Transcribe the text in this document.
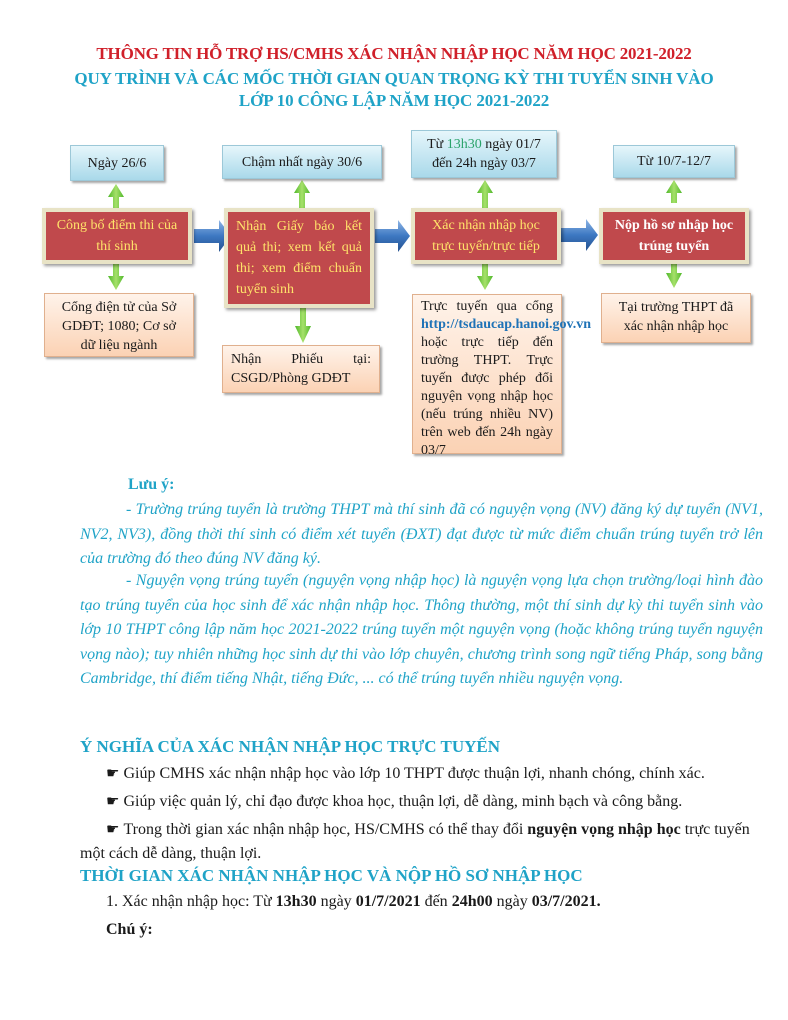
THÔNG TIN HỖ TRỢ HS/CMHS XÁC NHẬN NHẬP HỌC NĂM HỌC 2021-2022
QUY TRÌNH VÀ CÁC MỐC THỜI GIAN QUAN TRỌNG KỲ THI TUYỂN SINH VÀO
LỚP 10 CÔNG LẬP NĂM HỌC 2021-2022
Ngày 26/6
Công bố điểm thi của thí sinh
Cổng điện tử của Sở GDĐT; 1080; Cơ sở dữ liệu ngành
Chậm nhất ngày 30/6
Nhận Giấy báo kết quả thi; xem kết quả thi; xem điểm chuẩn tuyển sinh
Nhận Phiếu tại: CSGD/Phòng GDĐT
Từ 13h30 ngày 01/7
đến 24h ngày 03/7
Xác nhận nhập học trực tuyến/trực tiếp
Trực tuyến qua cổng http://tsdaucap.hanoi.gov.vn hoặc trực tiếp đến trường THPT. Trực tuyến được phép đổi nguyện vọng nhập học (nếu trúng nhiều NV) trên web đến 24h ngày 03/7
Từ 10/7-12/7
Nộp hồ sơ nhập học trúng tuyển
Tại trường THPT đã xác nhận nhập học
Lưu ý:
- Trường trúng tuyển là trường THPT mà thí sinh đã có nguyện vọng (NV) đăng ký dự tuyển (NV1, NV2, NV3), đồng thời thí sinh có điểm xét tuyển (ĐXT) đạt được từ mức điểm chuẩn trúng tuyển trở lên của trường đó theo đúng NV đăng ký.
- Nguyện vọng trúng tuyển (nguyện vọng nhập học) là nguyện vọng lựa chọn trường/loại hình đào tạo trúng tuyển của học sinh để xác nhận nhập học. Thông thường, một thí sinh dự kỳ thi tuyển sinh vào lớp 10 THPT công lập năm học 2021-2022 trúng tuyển một nguyện vọng (hoặc không trúng tuyển nguyện vọng nào); tuy nhiên những học sinh dự thi vào lớp chuyên, chương trình song ngữ tiếng Pháp, song bằng Cambridge, thí điểm tiếng Nhật, tiếng Đức, ... có thể trúng tuyển nhiều nguyện vọng.
Ý NGHĨA CỦA XÁC NHẬN NHẬP HỌC TRỰC TUYẾN
☛ Giúp CMHS xác nhận nhập học vào lớp 10 THPT được thuận lợi, nhanh chóng, chính xác.
☛ Giúp việc quản lý, chỉ đạo được khoa học, thuận lợi, dễ dàng, minh bạch và công bằng.
☛ Trong thời gian xác nhận nhập học, HS/CMHS có thể thay đổi nguyện vọng nhập học trực tuyến một cách dễ dàng, thuận lợi.
THỜI GIAN XÁC NHẬN NHẬP HỌC VÀ NỘP HỒ SƠ NHẬP HỌC
1. Xác nhận nhập học: Từ 13h30 ngày 01/7/2021 đến 24h00 ngày 03/7/2021.
Chú ý:
